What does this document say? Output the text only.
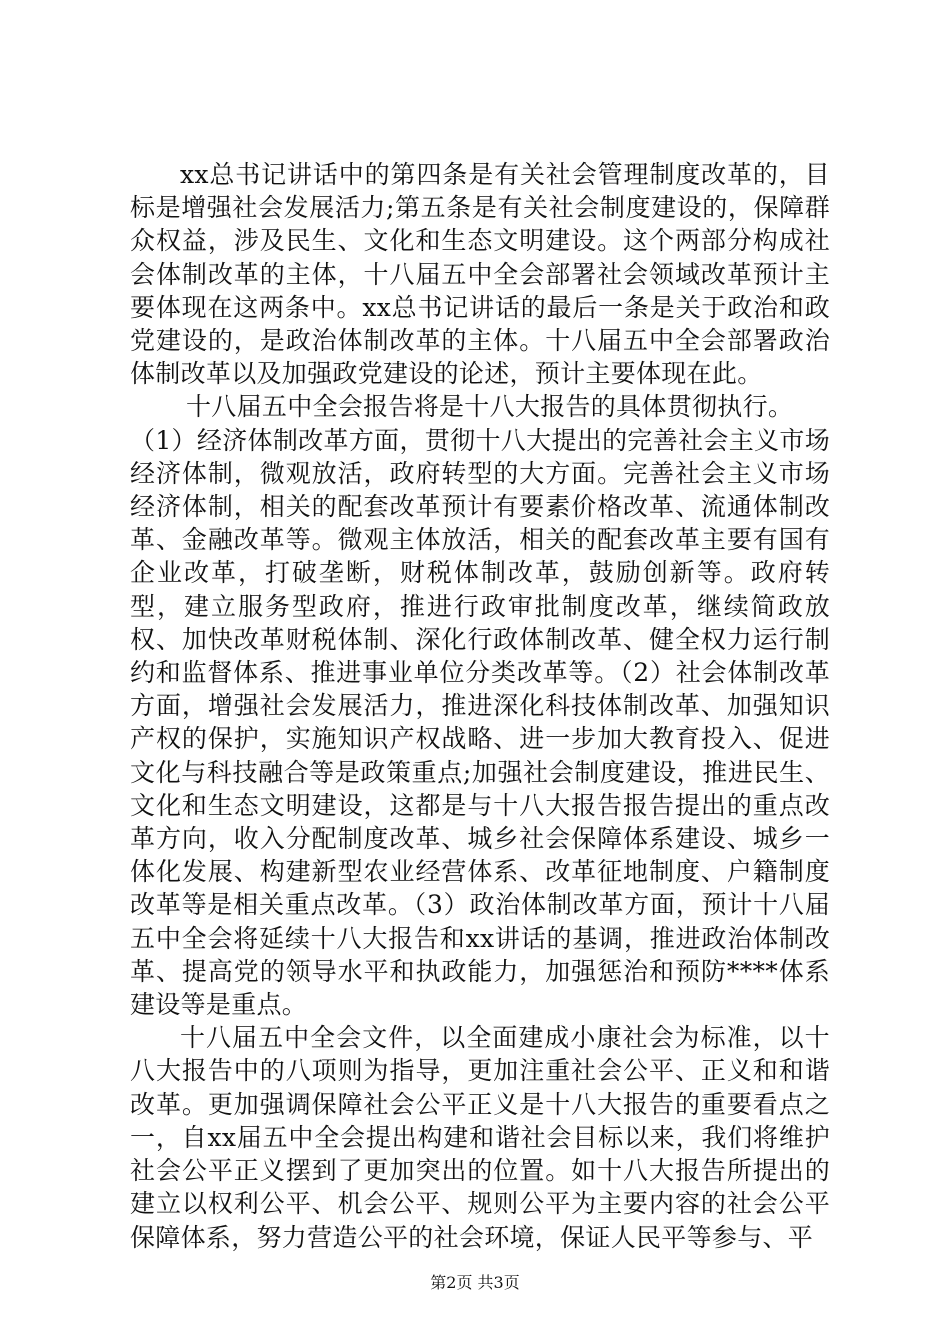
xx总书记讲话中的第四条是有关社会管理制度改革的，目标是增强社会发展活力;第五条是有关社会制度建设的，保障群众权益，涉及民生、文化和生态文明建设。这个两部分构成社会体制改革的主体，十八届五中全会部署社会领域改革预计主要体现在这两条中。xx总书记讲话的最后一条是关于政治和政党建设的，是政治体制改革的主体。十八届五中全会部署政治体制改革以及加强政党建设的论述，预计主要体现在此。

十八届五中全会报告将是十八大报告的具体贯彻执行。

（1）经济体制改革方面，贯彻十八大提出的完善社会主义市场经济体制，微观放活，政府转型的大方面。完善社会主义市场经济体制，相关的配套改革预计有要素价格改革、流通体制改革、金融改革等。微观主体放活，相关的配套改革主要有国有企业改革，打破垄断，财税体制改革，鼓励创新等。政府转型，建立服务型政府，推进行政审批制度改革，继续简政放权、加快改革财税体制、深化行政体制改革、健全权力运行制约和监督体系、推进事业单位分类改革等。（2）社会体制改革方面，增强社会发展活力，推进深化科技体制改革、加强知识产权的保护，实施知识产权战略、进一步加大教育投入、促进文化与科技融合等是政策重点;加强社会制度建设，推进民生、文化和生态文明建设，这都是与十八大报告报告提出的重点改革方向，收入分配制度改革、城乡社会保障体系建设、城乡一体化发展、构建新型农业经营体系、改革征地制度、户籍制度改革等是相关重点改革。（3）政治体制改革方面，预计十八届五中全会将延续十八大报告和xx讲话的基调，推进政治体制改革、提高党的领导水平和执政能力，加强惩治和预防****体系建设等是重点。

十八届五中全会文件，以全面建成小康社会为标准，以十八大报告中的八项则为指导，更加注重社会公平、正义和和谐改革。更加强调保障社会公平正义是十八大报告的重要看点之一，自xx届五中全会提出构建和谐社会目标以来，我们将维护社会公平正义摆到了更加突出的位置。如十八大报告所提出的建立以权利公平、机会公平、规则公平为主要内容的社会公平保障体系，努力营造公平的社会环境，保证人民平等参与、平

第2页 共3页
